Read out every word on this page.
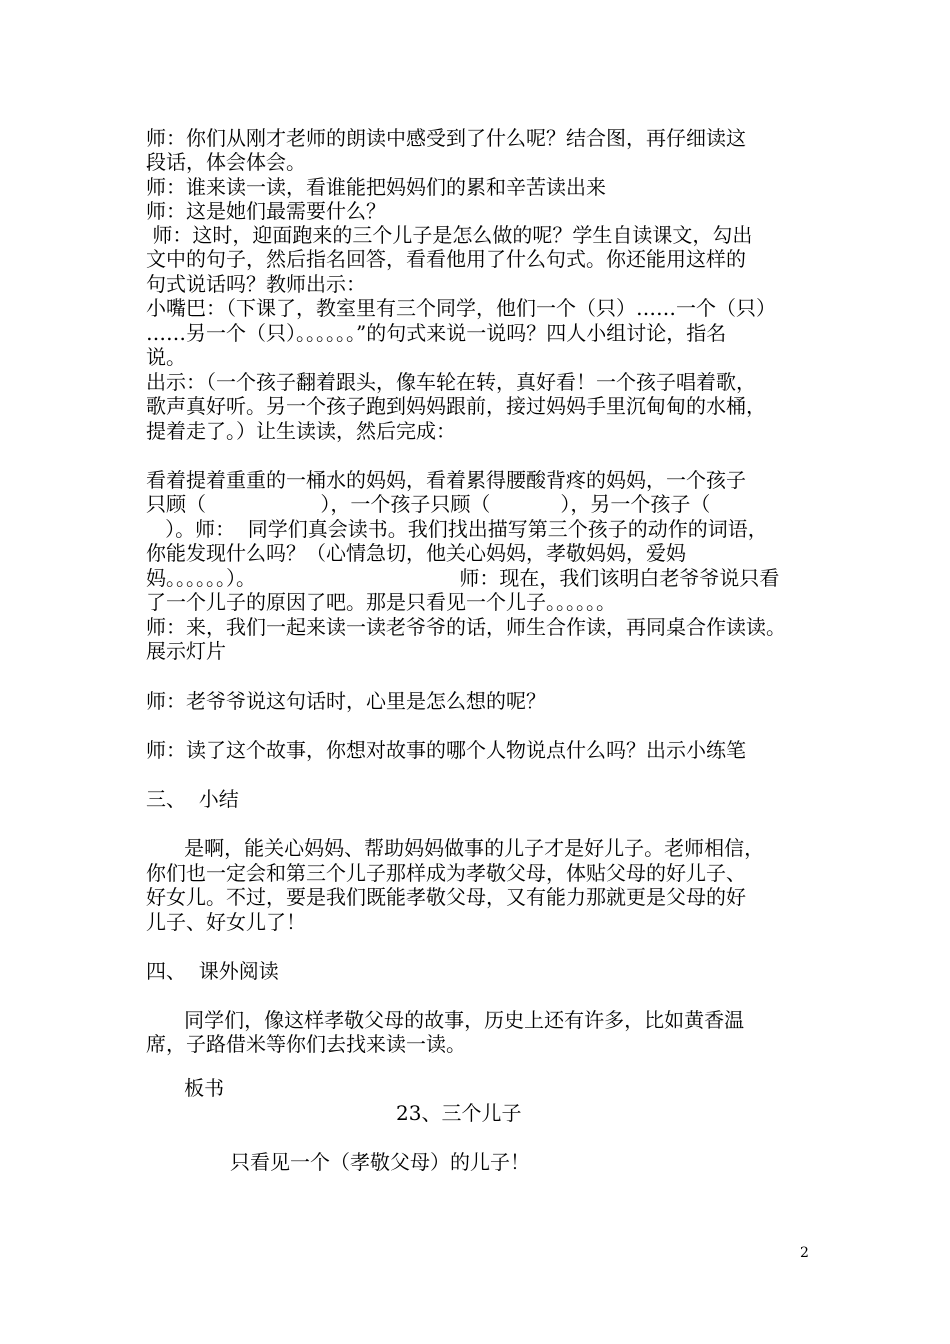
师：你们从刚才老师的朗读中感受到了什么呢？结合图，再仔细读这
段话，体会体会。
师：谁来读一读，看谁能把妈妈们的累和辛苦读出来
师：这是她们最需要什么？
师：这时，迎面跑来的三个儿子是怎么做的呢？学生自读课文，勾出
文中的句子，然后指名回答，看看他用了什么句式。你还能用这样的
句式说话吗？教师出示：
小嘴巴：（下课了，教室里有三个同学，他们一个（只）……一个（只）
……另一个（只）。。。。。。”的句式来说一说吗？四人小组讨论，指名
说。
出示：（一个孩子翻着跟头，像车轮在转，真好看！一个孩子唱着歌，
歌声真好听。另一个孩子跑到妈妈跟前，接过妈妈手里沉甸甸的水桶，
提着走了。）让生读读，然后完成：
看着提着重重的一桶水的妈妈，看着累得腰酸背疼的妈妈，一个孩子
只顾（                  ），一个孩子只顾（           ），另一个孩子（
）。师：  同学们真会读书。我们找出描写第三个孩子的动作的词语，
你能发现什么吗？（心情急切，他关心妈妈，孝敬妈妈，爱妈
妈。。。。。。）。                                师：现在，我们该明白老爷爷说只看
了一个儿子的原因了吧。那是只看见一个儿子。。。。。。
师：来，我们一起来读一读老爷爷的话，师生合作读，再同桌合作读读。
展示灯片
师：老爷爷说这句话时，心里是怎么想的呢？
师：读了这个故事，你想对故事的哪个人物说点什么吗？出示小练笔
三、  小结
是啊，能关心妈妈、帮助妈妈做事的儿子才是好儿子。老师相信，
你们也一定会和第三个儿子那样成为孝敬父母，体贴父母的好儿子、
好女儿。不过，要是我们既能孝敬父母，又有能力那就更是父母的好
儿子、好女儿了！
四、  课外阅读
同学们，像这样孝敬父母的故事，历史上还有许多，比如黄香温
席，子路借米等你们去找来读一读。
板书
23、三个儿子
只看见一个（孝敬父母）的儿子！
2
